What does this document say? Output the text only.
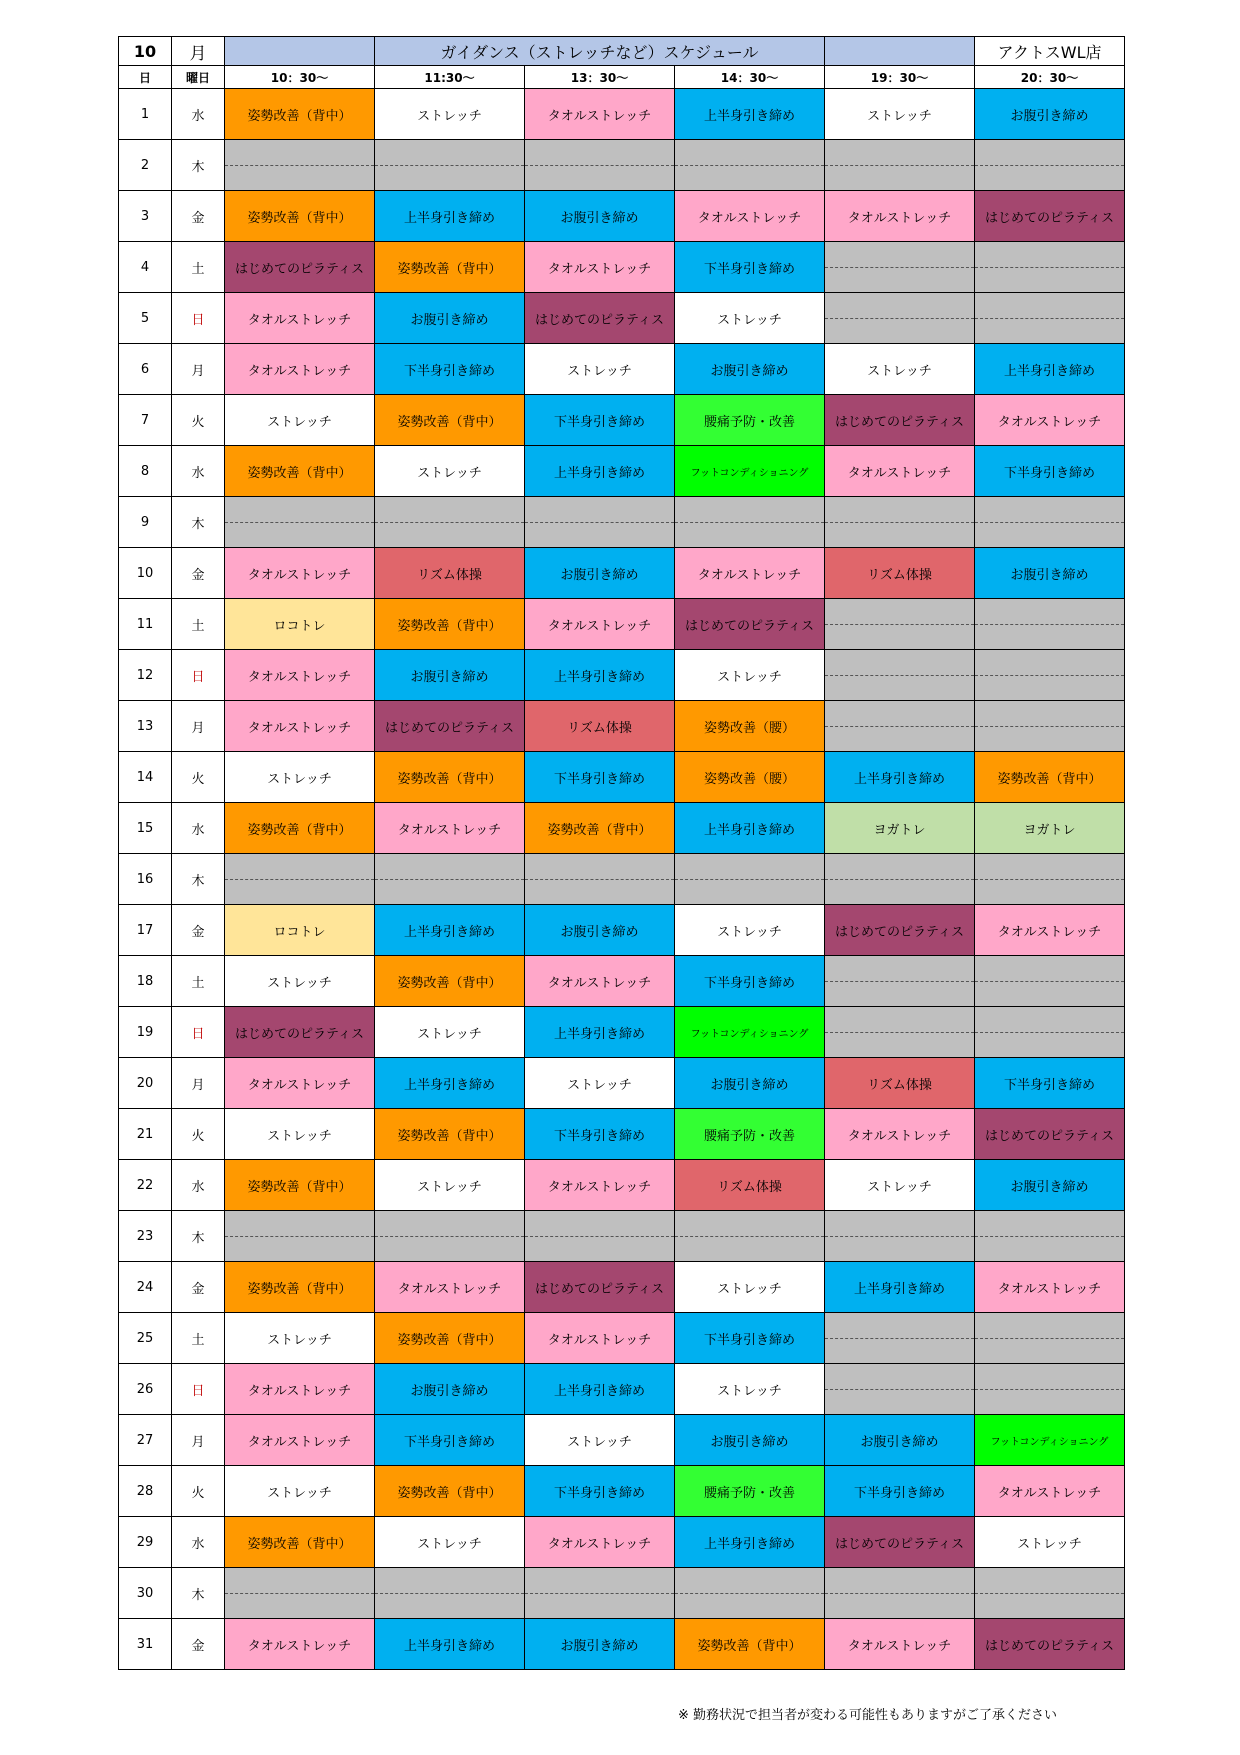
10	月		ガイダンス（ストレッチなど）スケジュール				アクトスWL店
日	曜日	10：30～	11:30～	13：30～	14：30～	19：30～	20：30～
1	水	姿勢改善（背中）	ストレッチ	タオルストレッチ	上半身引き締め	ストレッチ	お腹引き締め
2	木						
3	金	姿勢改善（背中）	上半身引き締め	お腹引き締め	タオルストレッチ	タオルストレッチ	はじめてのピラティス
4	土	はじめてのピラティス	姿勢改善（背中）	タオルストレッチ	下半身引き締め		
5	日	タオルストレッチ	お腹引き締め	はじめてのピラティス	ストレッチ		
6	月	タオルストレッチ	下半身引き締め	ストレッチ	お腹引き締め	ストレッチ	上半身引き締め
7	火	ストレッチ	姿勢改善（背中）	下半身引き締め	腰痛予防・改善	はじめてのピラティス	タオルストレッチ
8	水	姿勢改善（背中）	ストレッチ	上半身引き締め	フットコンディショニング	タオルストレッチ	下半身引き締め
9	木						
10	金	タオルストレッチ	リズム体操	お腹引き締め	タオルストレッチ	リズム体操	お腹引き締め
11	土	ロコトレ	姿勢改善（背中）	タオルストレッチ	はじめてのピラティス		
12	日	タオルストレッチ	お腹引き締め	上半身引き締め	ストレッチ		
13	月	タオルストレッチ	はじめてのピラティス	リズム体操	姿勢改善（腰）		
14	火	ストレッチ	姿勢改善（背中）	下半身引き締め	姿勢改善（腰）	上半身引き締め	姿勢改善（背中）
15	水	姿勢改善（背中）	タオルストレッチ	姿勢改善（背中）	上半身引き締め	ヨガトレ	ヨガトレ
16	木						
17	金	ロコトレ	上半身引き締め	お腹引き締め	ストレッチ	はじめてのピラティス	タオルストレッチ
18	土	ストレッチ	姿勢改善（背中）	タオルストレッチ	下半身引き締め		
19	日	はじめてのピラティス	ストレッチ	上半身引き締め	フットコンディショニング		
20	月	タオルストレッチ	上半身引き締め	ストレッチ	お腹引き締め	リズム体操	下半身引き締め
21	火	ストレッチ	姿勢改善（背中）	下半身引き締め	腰痛予防・改善	タオルストレッチ	はじめてのピラティス
22	水	姿勢改善（背中）	ストレッチ	タオルストレッチ	リズム体操	ストレッチ	お腹引き締め
23	木						
24	金	姿勢改善（背中）	タオルストレッチ	はじめてのピラティス	ストレッチ	上半身引き締め	タオルストレッチ
25	土	ストレッチ	姿勢改善（背中）	タオルストレッチ	下半身引き締め		
26	日	タオルストレッチ	お腹引き締め	上半身引き締め	ストレッチ		
27	月	タオルストレッチ	下半身引き締め	ストレッチ	お腹引き締め	お腹引き締め	フットコンディショニング
28	火	ストレッチ	姿勢改善（背中）	下半身引き締め	腰痛予防・改善	下半身引き締め	タオルストレッチ
29	水	姿勢改善（背中）	ストレッチ	タオルストレッチ	上半身引き締め	はじめてのピラティス	ストレッチ
30	木						
31	金	タオルストレッチ	上半身引き締め	お腹引き締め	姿勢改善（背中）	タオルストレッチ	はじめてのピラティス
※ 勤務状況で担当者が変わる可能性もありますがご了承ください
